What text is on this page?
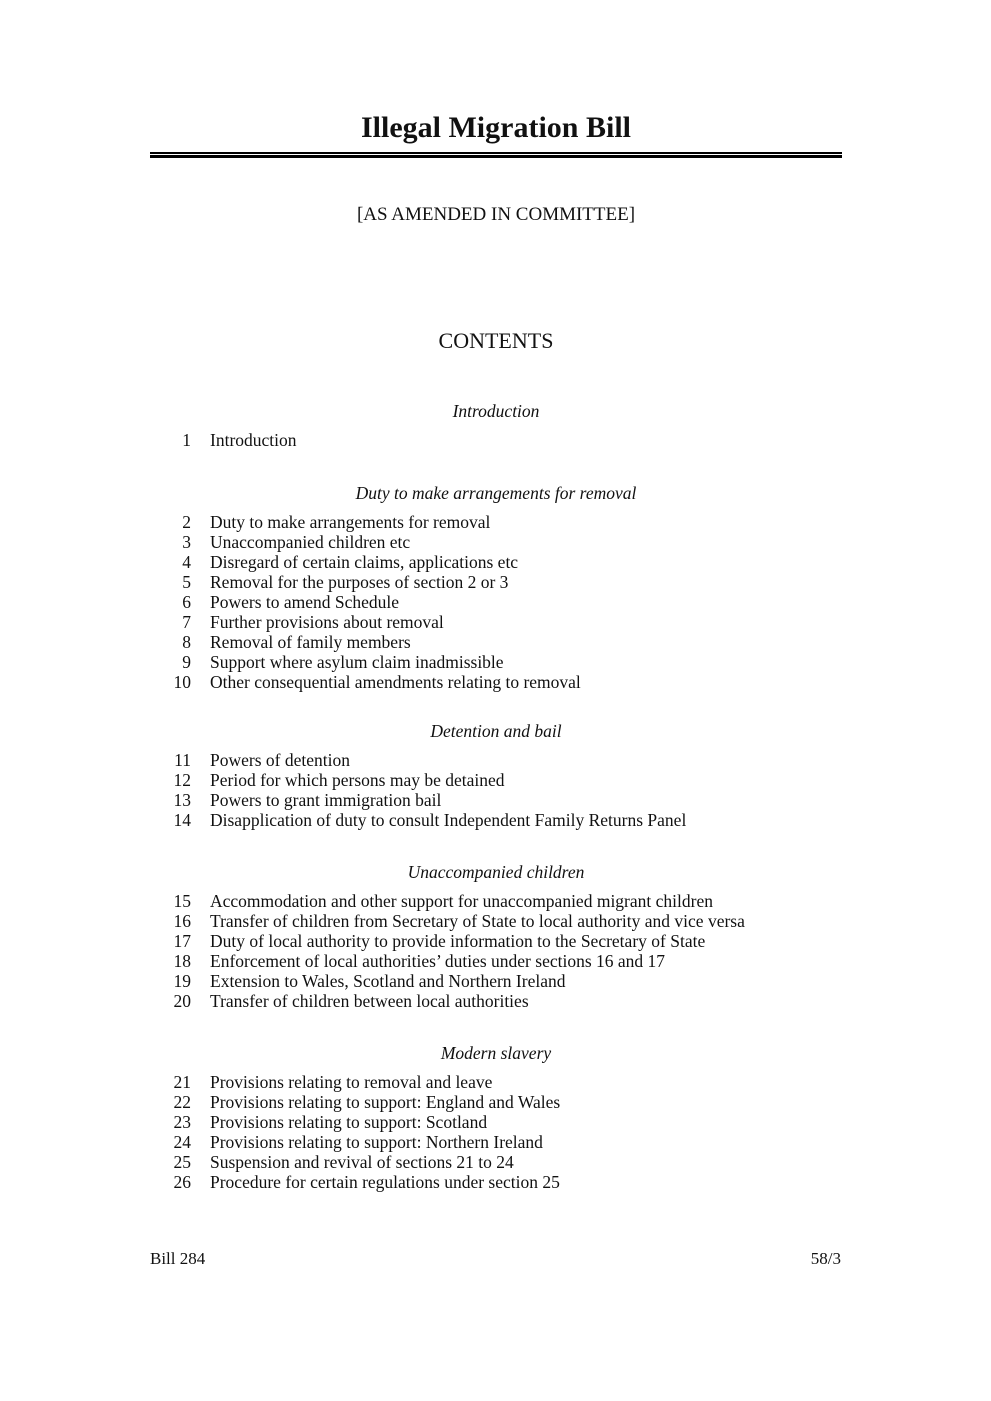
Illegal Migration Bill
[AS AMENDED IN COMMITTEE]
CONTENTS
Introduction
1	Introduction
Duty to make arrangements for removal
2	Duty to make arrangements for removal
3	Unaccompanied children etc
4	Disregard of certain claims, applications etc
5	Removal for the purposes of section 2 or 3
6	Powers to amend Schedule
7	Further provisions about removal
8	Removal of family members
9	Support where asylum claim inadmissible
10	Other consequential amendments relating to removal
Detention and bail
11	Powers of detention
12	Period for which persons may be detained
13	Powers to grant immigration bail
14	Disapplication of duty to consult Independent Family Returns Panel
Unaccompanied children
15	Accommodation and other support for unaccompanied migrant children
16	Transfer of children from Secretary of State to local authority and vice versa
17	Duty of local authority to provide information to the Secretary of State
18	Enforcement of local authorities’ duties under sections 16 and 17
19	Extension to Wales, Scotland and Northern Ireland
20	Transfer of children between local authorities
Modern slavery
21	Provisions relating to removal and leave
22	Provisions relating to support: England and Wales
23	Provisions relating to support: Scotland
24	Provisions relating to support: Northern Ireland
25	Suspension and revival of sections 21 to 24
26	Procedure for certain regulations under section 25
Bill 284	58/3
